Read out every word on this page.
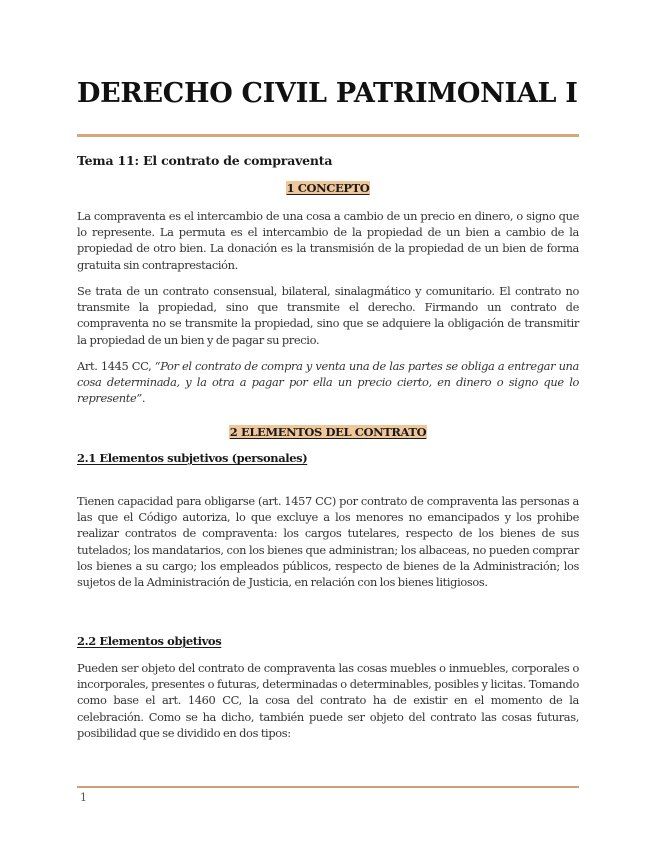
DERECHO CIVIL PATRIMONIAL I

Tema 11: El contrato de compraventa

1 CONCEPTO

La compraventa es el intercambio de una cosa a cambio de un precio en dinero, o signo que lo represente. La permuta es el intercambio de la propiedad de un bien a cambio de la propiedad de otro bien. La donación es la transmisión de la propiedad de un bien de forma gratuita sin contraprestación.

Se trata de un contrato consensual, bilateral, sinalagmático y comunitario. El contrato no transmite la propiedad, sino que transmite el derecho. Firmando un contrato de compraventa no se transmite la propiedad, sino que se adquiere la obligación de transmitir la propiedad de un bien y de pagar su precio.

Art. 1445 CC, “Por el contrato de compra y venta una de las partes se obliga a entregar una cosa determinada, y la otra a pagar por ella un precio cierto, en dinero o signo que lo represente”.

2 ELEMENTOS DEL CONTRATO
2.1 Elementos subjetivos (personales)

Tienen capacidad para obligarse (art. 1457 CC) por contrato de compraventa las personas a las que el Código autoriza, lo que excluye a los menores no emancipados y los prohibe realizar contratos de compraventa: los cargos tutelares, respecto de los bienes de sus tutelados; los mandatarios, con los bienes que administran; los albaceas, no pueden comprar los bienes a su cargo; los empleados públicos, respecto de bienes de la Administración; los sujetos de la Administración de Justicia, en relación con los bienes litigiosos.

2.2 Elementos objetivos

Pueden ser objeto del contrato de compraventa las cosas muebles o inmuebles, corporales o incorporales, presentes o futuras, determinadas o determinables, posibles y licitas. Tomando como base el art. 1460 CC, la cosa del contrato ha de existir en el momento de la celebración. Como se ha dicho, también puede ser objeto del contrato las cosas futuras, posibilidad que se dividido en dos tipos:

1
